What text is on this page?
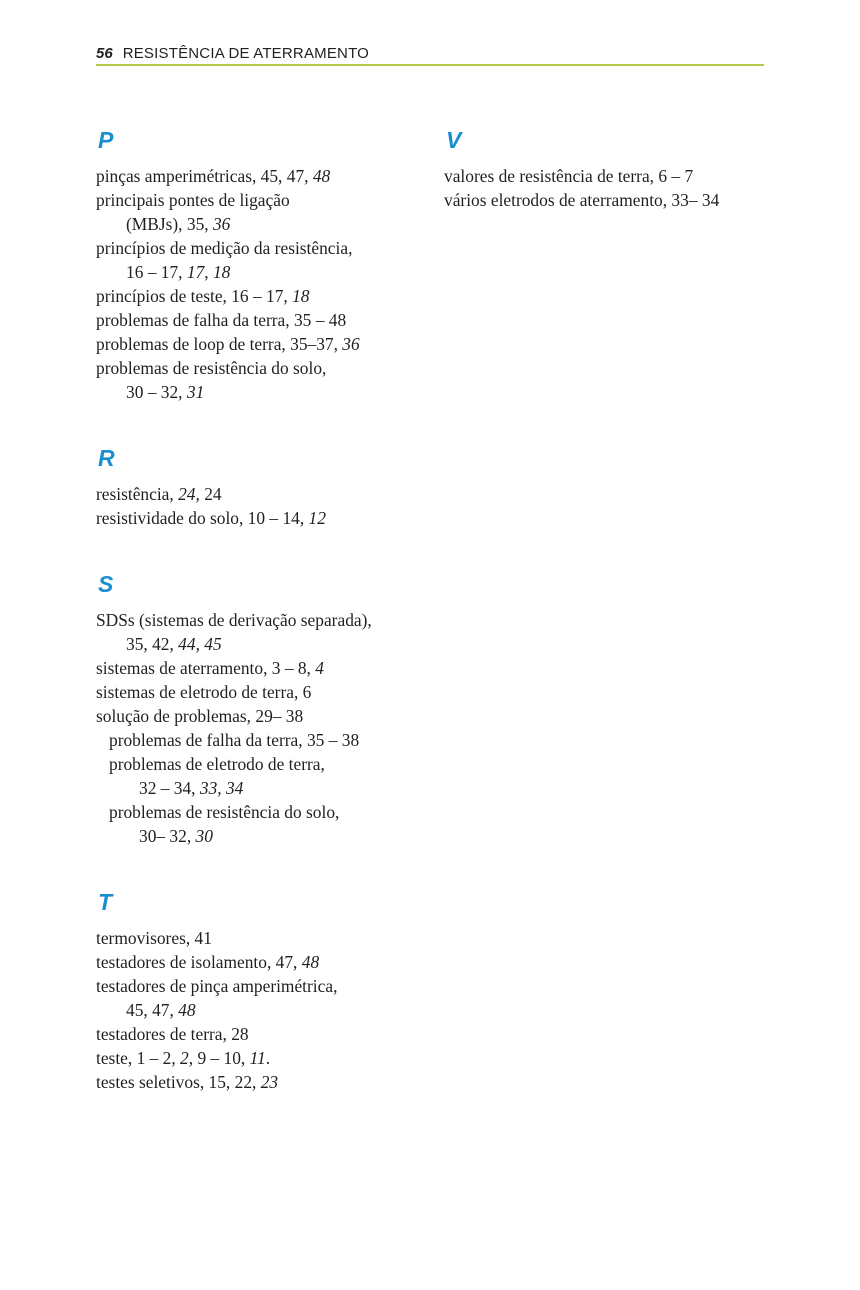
56 RESISTÊNCIA DE ATERRAMENTO
P
pinças amperimétricas, 45, 47, 48
principais pontes de ligação
(MBJs), 35, 36
princípios de medição da resistência,
16 – 17, 17, 18
princípios de teste, 16 – 17, 18
problemas de falha da terra, 35 – 48
problemas de loop de terra, 35–37, 36
problemas de resistência do solo,
30 – 32, 31
R
resistência, 24, 24
resistividade do solo, 10 – 14, 12
S
SDSs (sistemas de derivação separada),
35, 42, 44, 45
sistemas de aterramento, 3 – 8, 4
sistemas de eletrodo de terra, 6
solução de problemas, 29– 38
problemas de falha da terra, 35 – 38
problemas de eletrodo de terra,
32 – 34, 33, 34
problemas de resistência do solo,
30– 32, 30
T
termovisores, 41
testadores de isolamento, 47, 48
testadores de pinça amperimétrica,
45, 47, 48
testadores de terra, 28
teste, 1 – 2, 2, 9 – 10, 11.
testes seletivos, 15, 22, 23
V
valores de resistência de terra, 6 – 7
vários eletrodos de aterramento, 33– 34
